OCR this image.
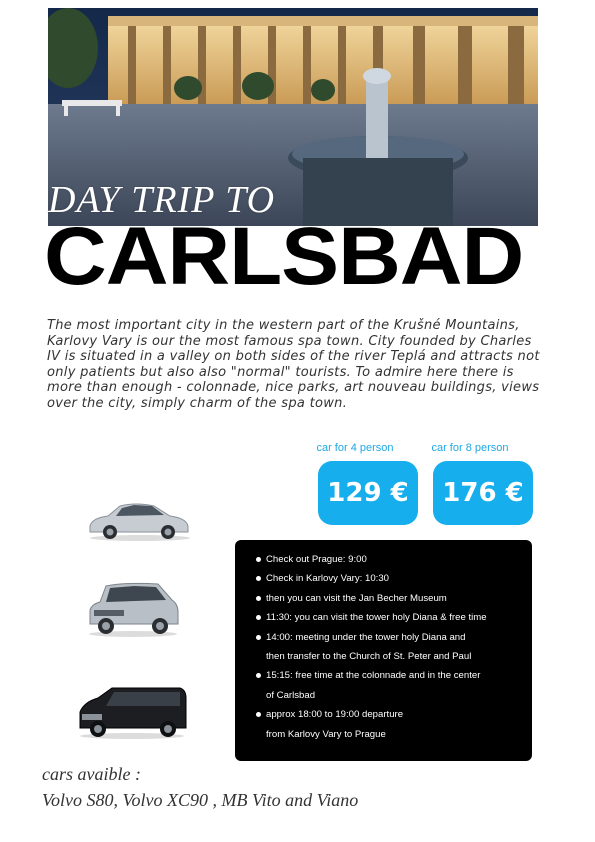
DAY TRIP TO
CARLSBAD
The most important city in the western part of the Krušné Mountains, Karlovy Vary is our the most famous spa town. City founded by Charles IV is situated in a valley on both sides of the river Teplá and attracts not only patients but also also "normal" tourists. To admire here there is more than enough - colonnade, nice parks, art nouveau buildings, views over the city, simply charm of the spa town.
car for 4 person	car for 8 person
129 €	176 €
Check out Prague: 9:00
Check in Karlovy Vary: 10:30
then you can visit the Jan Becher Museum
11:30: you can visit the tower holy Diana & free time
14:00: meeting under the tower holy Diana and
then transfer to the Church of St. Peter and Paul
15:15: free time at the colonnade and in the center
of Carlsbad
approx 18:00 to 19:00 departure
from Karlovy Vary to Prague
cars avaible :
Volvo S80, Volvo XC90 , MB Vito and Viano
